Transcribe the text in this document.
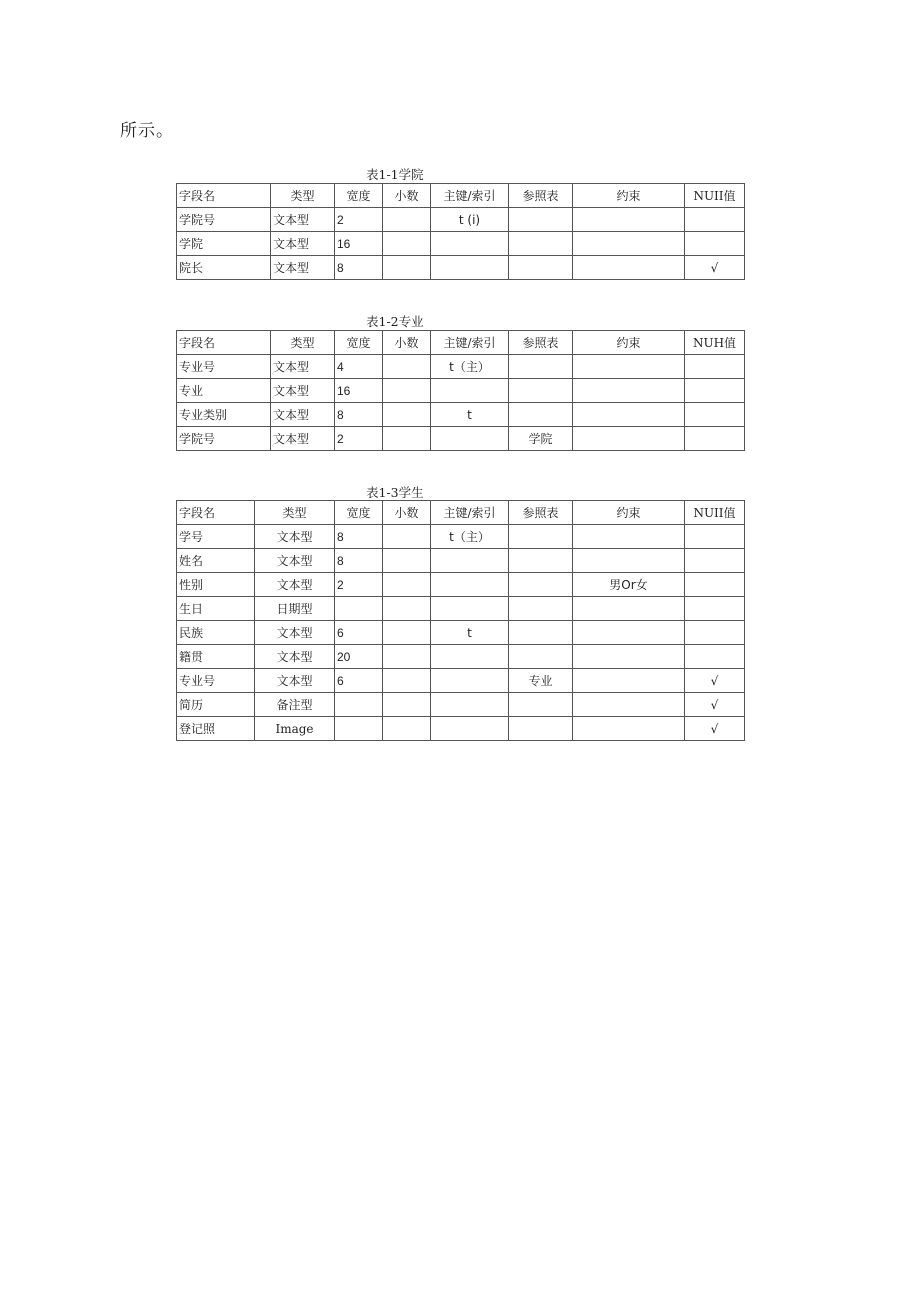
所示。
表1-1学院
字段名	类型	宽度	小数	主键/索引	参照表	约束	NUII值
学院号	文本型	2		t (i)			
学院	文本型	16					
院长	文本型	8					√
表1-2专业
字段名	类型	宽度	小数	主键/索引	参照表	约束	NUH值
专业号	文本型	4		t（主）			
专业	文本型	16					
专业类别	文本型	8		t			
学院号	文本型	2			学院		
表1-3学生
字段名	类型	宽度	小数	主键/索引	参照表	约束	NUII值
学号	文本型	8		t（主）			
姓名	文本型	8					
性别	文本型	2				男Or女	
生日	日期型						
民族	文本型	6		t			
籍贯	文本型	20					
专业号	文本型	6			专业		√
简历	备注型						√
登记照	Image						√
